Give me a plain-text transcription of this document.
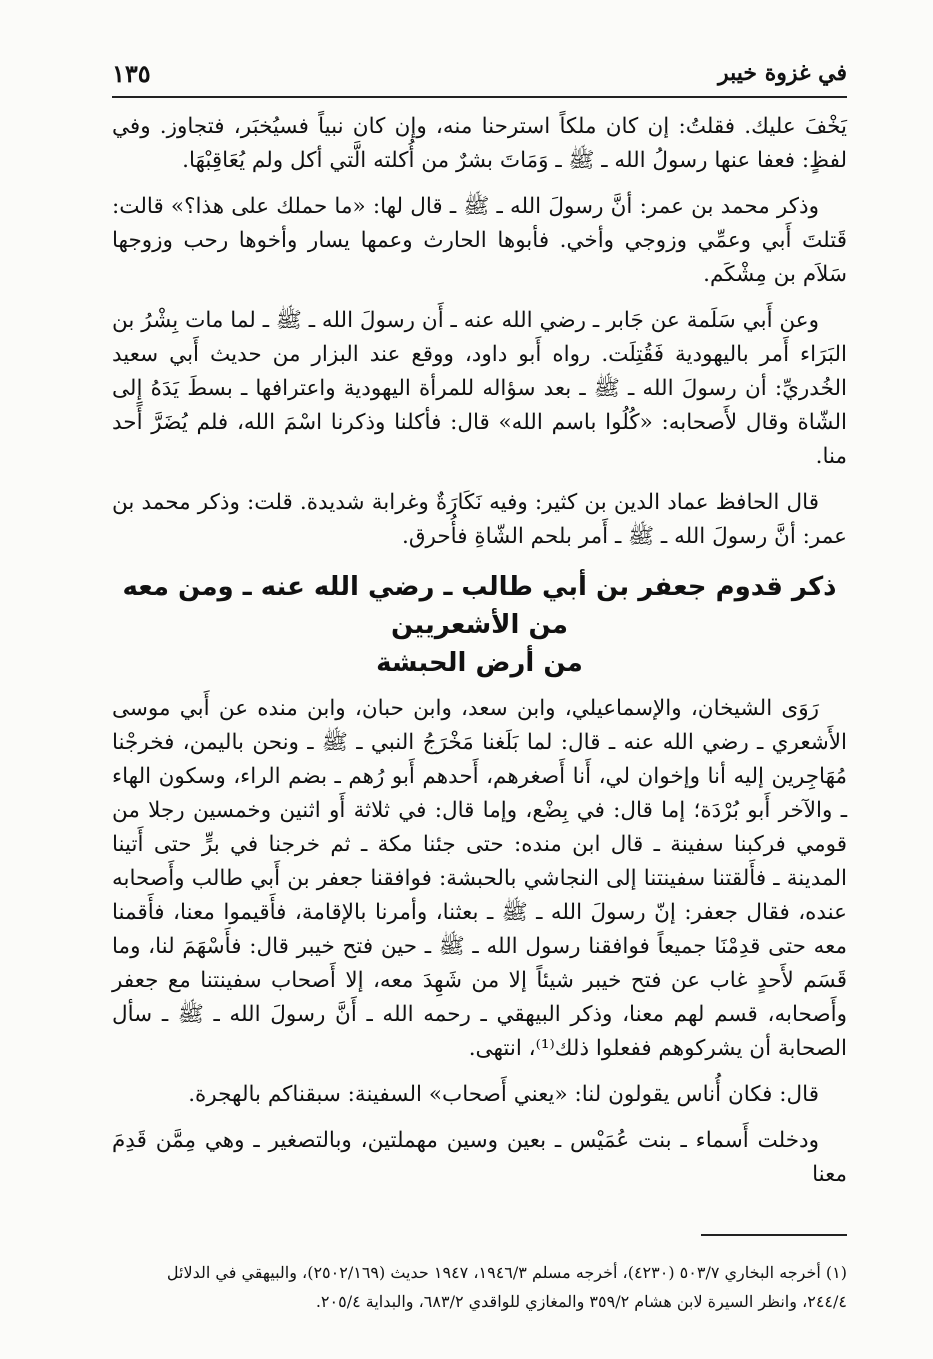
في غزوة خيبر
١٣٥

يَخْفَ عليك. فقلتُ: إن كان ملكاً استرحنا منه، وإن كان نبياً فسيُخبَر، فتجاوز. وفي لفظٍ: فعفا عنها رسولُ الله ـ ﷺ ـ وَمَاتَ بشرٌ من أُكلته الَّتي أكل ولم يُعَاقِبْهَا.

وذكر محمد بن عمر: أنَّ رسولَ الله ـ ﷺ ـ قال لها: «ما حملك على هذا؟» قالت: قَتلتَ أَبي وعمِّي وزوجي وأخي. فأبوها الحارث وعمها يسار وأخوها رحب وزوجها سَلاَم بن مِشْكَم.

وعن أَبي سَلَمة عن جَابر ـ رضي الله عنه ـ أَن رسولَ الله ـ ﷺ ـ لما مات بِشْرُ بن البَرَاء أَمر باليهودية فَقُتِلَت. رواه أَبو داود، ووقع عند البزار من حديث أَبي سعيد الخُدريِّ: أن رسولَ الله ـ ﷺ ـ بعد سؤاله للمرأة اليهودية واعترافها ـ بسطَ يَدَهُ إِلى الشّاة وقال لأَصحابه: «كُلُوا باسم الله» قال: فأكلنا وذكرنا اسْمَ الله، فلم يُضَرَّ أَحد منا.

قال الحافظ عماد الدين بن كثير: وفيه نَكَارَةٌ وغرابة شديدة. قلت: وذكر محمد بن عمر: أنَّ رسولَ الله ـ ﷺ ـ أَمر بلحم الشّاةِ فأُحرق.

ذكر قدوم جعفر بن أبي طالب ـ رضي الله عنه ـ ومن معه من الأشعريين
من أرض الحبشة

رَوَى الشيخان، والإسماعيلي، وابن سعد، وابن حبان، وابن منده عن أَبي موسى الأَشعري ـ رضي الله عنه ـ قال: لما بَلَغنا مَخْرَجُ النبي ـ ﷺ ـ ونحن باليمن، فخرجْنا مُهَاجِرين إليه أنا وإخوان لي، أَنا أَصغرهم، أَحدهم أَبو رُهم ـ بضم الراء، وسكون الهاء ـ والآخر أَبو بُرْدَة؛ إما قال: في بِضْع، وإما قال: في ثلاثة أَو اثنين وخمسين رجلا من قومي فركبنا سفينة ـ قال ابن منده: حتى جئنا مكة ـ ثم خرجنا في برٍّ حتى أَتينا المدينة ـ فأَلقتنا سفينتنا إلى النجاشي بالحبشة: فوافقنا جعفر بن أَبي طالب وأَصحابه عنده، فقال جعفر: إنّ رسولَ الله ـ ﷺ ـ بعثنا، وأمرنا بالإقامة، فأَقيموا معنا، فأَقمنا معه حتى قدِمْنَا جميعاً فوافقنا رسول الله ـ ﷺ ـ حين فتح خيبر قال: فأَسْهَمَ لنا، وما قَسَم لأَحدٍ غاب عن فتح خيبر شيئاً إلا من شَهِدَ معه، إلا أَصحاب سفينتنا مع جعفر وأَصحابه، قسم لهم معنا، وذكر البيهقي ـ رحمه الله ـ أَنَّ رسولَ الله ـ ﷺ ـ سأل الصحابة أن يشركوهم ففعلوا ذلك⁽¹⁾، انتهى.

قال: فكان أُناس يقولون لنا: «يعني أَصحاب» السفينة: سبقناكم بالهجرة.

ودخلت أَسماء ـ بنت عُمَيْس ـ بعين وسين مهملتين، وبالتصغير ـ وهي مِمَّن قَدِمَ معنا

(١) أخرجه البخاري ٥٠٣/٧ (٤٢٣٠)، أخرجه مسلم ١٩٤٦/٣، ١٩٤٧ حديث (٢٥٠٢/١٦٩)، والبيهقي في الدلائل

٢٤٤/٤، وانظر السيرة لابن هشام ٣٥٩/٢ والمغازي للواقدي ٦٨٣/٢، والبداية ٢٠٥/٤.
